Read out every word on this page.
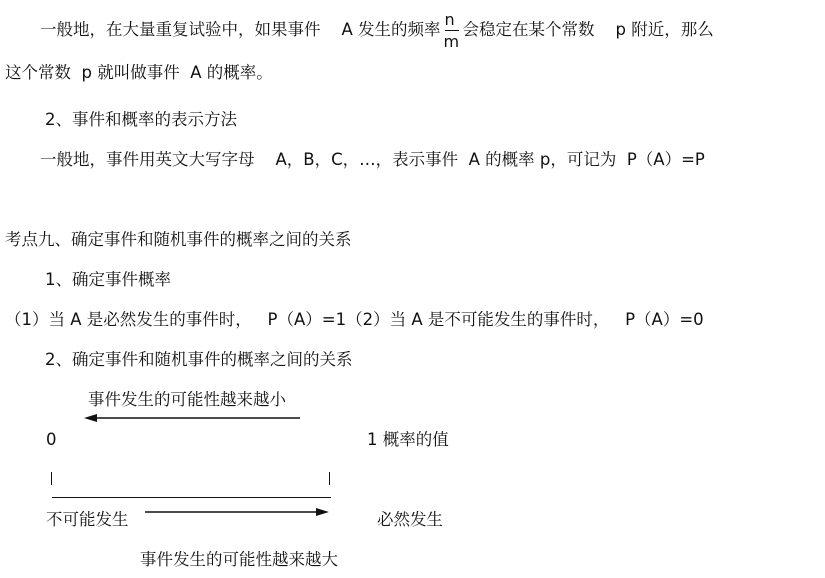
一般地，在大量重复试验中，如果事件    A 发生的频率
$\frac{n}{m}$
会稳定在某个常数    p 附近，那么
这个常数  p 就叫做事件  A 的概率。
2、事件和概率的表示方法
一般地，事件用英文大写字母    A，B，C，…，表示事件  A 的概率 p，可记为  P（A）=P
考点九、确定事件和随机事件的概率之间的关系
1、确定事件概率
（1）当 A 是必然发生的事件时，   P（A）=1（2）当 A 是不可能发生的事件时，   P（A）=0
2、确定事件和随机事件的概率之间的关系
事件发生的可能性越来越小
0	1 概率的值
不可能发生	必然发生
事件发生的可能性越来越大
